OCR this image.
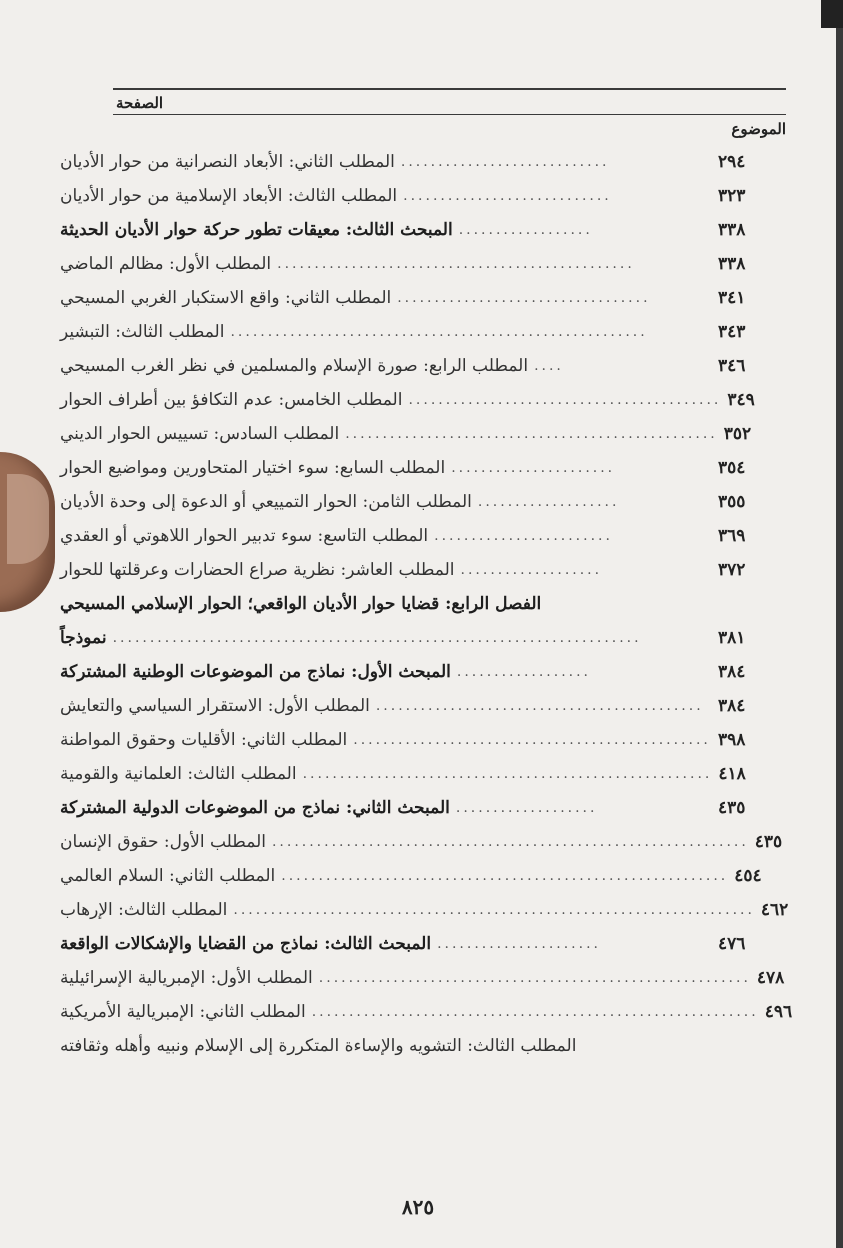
الصفحة
الموضوع
المطلب الثاني: الأبعاد النصرانية من حوار الأديان ............................	٢٩٤
المطلب الثالث: الأبعاد الإسلامية من حوار الأديان ............................	٣٢٣
المبحث الثالث: معيقات تطور حركة حوار الأديان الحديثة ..................	٣٣٨
المطلب الأول: مظالم الماضي ................................................	٣٣٨
المطلب الثاني: واقع الاستكبار الغربي المسيحي ..................................	٣٤١
المطلب الثالث: التبشير ........................................................	٣٤٣
المطلب الرابع: صورة الإسلام والمسلمين في نظر الغرب المسيحي ....	٣٤٦
المطلب الخامس: عدم التكافؤ بين أطراف الحوار .......................................... ٣٤٩
المطلب السادس: تسييس الحوار الديني .................................................. ٣٥٢
المطلب السابع: سوء اختيار المتحاورين ومواضيع الحوار ......................	٣٥٤
المطلب الثامن: الحوار التمييعي أو الدعوة إلى وحدة الأديان ...................	٣٥٥
المطلب التاسع: سوء تدبير الحوار اللاهوتي أو العقدي ........................	٣٦٩
المطلب العاشر: نظرية صراع الحضارات وعرقلتها للحوار ...................	٣٧٢
الفصل الرابع: قضايا حوار الأديان الواقعي؛ الحوار الإسلامي المسيحي
نموذجاً .......................................................................	٣٨١
المبحث الأول: نماذج من الموضوعات الوطنية المشتركة ..................	٣٨٤
المطلب الأول: الاستقرار السياسي والتعايش ............................................ ٣٨٤
المطلب الثاني: الأقليات وحقوق المواطنة ................................................ ٣٩٨
المطلب الثالث: العلمانية والقومية ....................................................... ٤١٨
المبحث الثاني: نماذج من الموضوعات الدولية المشتركة ...................	٤٣٥
المطلب الأول: حقوق الإنسان ................................................................ ٤٣٥
المطلب الثاني: السلام العالمي ............................................................ ٤٥٤
المطلب الثالث: الإرهاب ...................................................................... ٤٦٢
المبحث الثالث: نماذج من القضايا والإشكالات الواقعة ......................	٤٧٦
المطلب الأول: الإمبريالية الإسرائيلية .......................................................... ٤٧٨
المطلب الثاني: الإمبريالية الأمريكية ............................................................ ٤٩٦
المطلب الثالث: التشويه والإساءة المتكررة إلى الإسلام ونبيه وأهله وثقافته
٨٢٥
